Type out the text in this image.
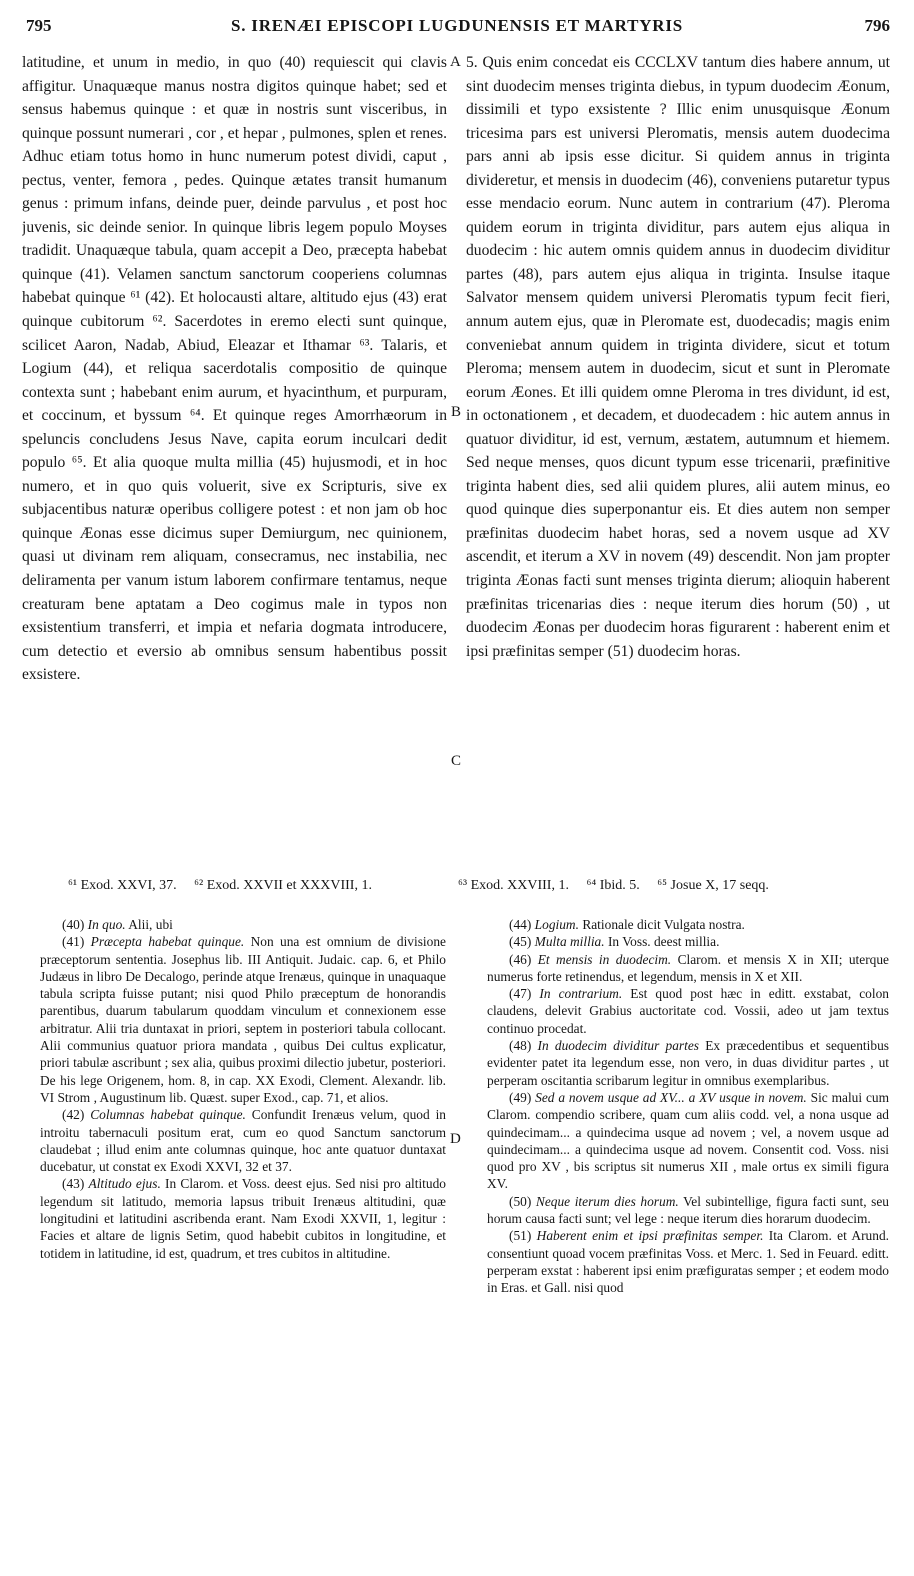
795	S. IRENÆI EPISCOPI LUGDUNENSIS ET MARTYRIS	796

latitudine, et unum in medio, in quo (40) requiescit qui clavis affigitur. Unaquæque manus nostra digitos quinque habet; sed et sensus habemus quinque : et quæ in nostris sunt visceribus, in quinque possunt numerari , cor , et hepar , pulmones, splen et renes. Adhuc etiam totus homo in hunc numerum potest dividi, caput , pectus, venter, femora , pedes. Quinque ætates transit humanum genus : primum infans, deinde puer, deinde parvulus , et post hoc juvenis, sic deinde senior. In quinque libris legem populo Moyses tradidit. Unaquæque tabula, quam accepit a Deo, præcepta habebat quinque (41). Velamen sanctum sanctorum cooperiens columnas habebat quinque ⁶¹ (42). Et holocausti altare, altitudo ejus (43) erat quinque cubitorum ⁶². Sacerdotes in eremo electi sunt quinque, scilicet Aaron, Nadab, Abiud, Eleazar et Ithamar ⁶³. Talaris, et Logium (44), et reliqua sacerdotalis compositio de quinque contexta sunt ; habebant enim aurum, et hyacinthum, et purpuram, et coccinum, et byssum ⁶⁴. Et quinque reges Amorrhæorum in speluncis concludens Jesus Nave, capita eorum inculcari dedit populo ⁶⁵. Et alia quoque multa millia (45) hujusmodi, et in hoc numero, et in quo quis voluerit, sive ex Scripturis, sive ex subjacentibus naturæ operibus colligere potest : et non jam ob hoc quinque Æonas esse dicimus super Demiurgum, nec quinionem, quasi ut divinam rem aliquam, consecramus, nec instabilia, nec deliramenta per vanum istum laborem confirmare tentamus, neque creaturam bene aptatam a Deo cogimus male in typos non exsistentium transferri, et impia et nefaria dogmata introducere, cum detectio et eversio ab omnibus sensum habentibus possit exsistere.

5. Quis enim concedat eis CCCLXV tantum dies habere annum, ut sint duodecim menses triginta diebus, in typum duodecim Æonum, dissimili et typo exsistente ? Illic enim unusquisque Æonum tricesima pars est universi Pleromatis, mensis autem duodecima pars anni ab ipsis esse dicitur. Si quidem annus in triginta divideretur, et mensis in duodecim (46), conveniens putaretur typus esse mendacio eorum. Nunc autem in contrarium (47). Pleroma quidem eorum in triginta dividitur, pars autem ejus aliqua in duodecim : hic autem omnis quidem annus in duodecim dividitur partes (48), pars autem ejus aliqua in triginta. Insulse itaque Salvator mensem quidem universi Pleromatis typum fecit fieri, annum autem ejus, quæ in Pleromate est, duodecadis; magis enim conveniebat annum quidem in triginta dividere, sicut et totum Pleroma; mensem autem in duodecim, sicut et sunt in Pleromate eorum Æones. Et illi quidem omne Pleroma in tres dividunt, id est, in octonationem , et decadem, et duodecadem : hic autem annus in quatuor dividitur, id est, vernum, æstatem, autumnum et hiemem. Sed neque menses, quos dicunt typum esse tricenarii, præfinitive triginta habent dies, sed alii quidem plures, alii autem minus, eo quod quinque dies superponantur eis. Et dies autem non semper præfinitas duodecim habet horas, sed a novem usque ad XV ascendit, et iterum a XV in novem (49) descendit. Non jam propter triginta Æonas facti sunt menses triginta dierum; alioquin haberent præfinitas tricenarias dies : neque iterum dies horum (50) , ut duodecim Æonas per duodecim horas figurarent : haberent enim et ipsi præfinitas semper (51) duodecim horas.

A
B
C
D
⁶¹ Exod. XXVI, 37. ⁶² Exod. XXVII et XXXVIII, 1.	⁶³ Exod. XXVIII, 1. ⁶⁴ Ibid. 5. ⁶⁵ Josue X, 17 seqq.

(40) In quo. Alii, ubi

(41) Præcepta habebat quinque. Non una est omnium de divisione præceptorum sententia. Josephus lib. III Antiquit. Judaic. cap. 6, et Philo Judæus in libro De Decalogo, perinde atque Irenæus, quinque in unaquaque tabula scripta fuisse putant; nisi quod Philo præceptum de honorandis parentibus, duarum tabularum quoddam vinculum et connexionem esse arbitratur. Alii tria duntaxat in priori, septem in posteriori tabula collocant. Alii communius quatuor priora mandata , quibus Dei cultus explicatur, priori tabulæ ascribunt ; sex alia, quibus proximi dilectio jubetur, posteriori. De his lege Origenem, hom. 8, in cap. XX Exodi, Clement. Alexandr. lib. VI Strom , Augustinum lib. Quæst. super Exod., cap. 71, et alios.

(42) Columnas habebat quinque. Confundit Irenæus velum, quod in introitu tabernaculi positum erat, cum eo quod Sanctum sanctorum claudebat ; illud enim ante columnas quinque, hoc ante quatuor duntaxat ducebatur, ut constat ex Exodi XXVI, 32 et 37.

(43) Altitudo ejus. In Clarom. et Voss. deest ejus. Sed nisi pro altitudo legendum sit latitudo, memoria lapsus tribuit Irenæus altitudini, quæ longitudini et latitudini ascribenda erant. Nam Exodi XXVII, 1, legitur : Facies et altare de lignis Setim, quod habebit cubitos in longitudine, et totidem in latitudine, id est, quadrum, et tres cubitos in altitudine.

(44) Logium. Rationale dicit Vulgata nostra.

(45) Multa millia. In Voss. deest millia.

(46) Et mensis in duodecim. Clarom. et mensis X in XII; uterque numerus forte retinendus, et legendum, mensis in X et XII.

(47) In contrarium. Est quod post hæc in editt. exstabat, colon claudens, delevit Grabius auctoritate cod. Vossii, adeo ut jam textus continuo procedat.

(48) In duodecim dividitur partes Ex præcedentibus et sequentibus evidenter patet ita legendum esse, non vero, in duas dividitur partes , ut perperam oscitantia scribarum legitur in omnibus exemplaribus.

(49) Sed a novem usque ad XV... a XV usque in novem. Sic malui cum Clarom. compendio scribere, quam cum aliis codd. vel, a nona usque ad quindecimam... a quindecima usque ad novem ; vel, a novem usque ad quindecimam... a quindecima usque ad novem. Consentit cod. Voss. nisi quod pro XV , bis scriptus sit numerus XII , male ortus ex simili figura XV.

(50) Neque iterum dies horum. Vel subintellige, figura facti sunt, seu horum causa facti sunt; vel lege : neque iterum dies horarum duodecim.

(51) Haberent enim et ipsi præfinitas semper. Ita Clarom. et Arund. consentiunt quoad vocem præfinitas Voss. et Merc. 1. Sed in Feuard. editt. perperam exstat : haberent ipsi enim præfiguratas semper ; et eodem modo in Eras. et Gall. nisi quod
